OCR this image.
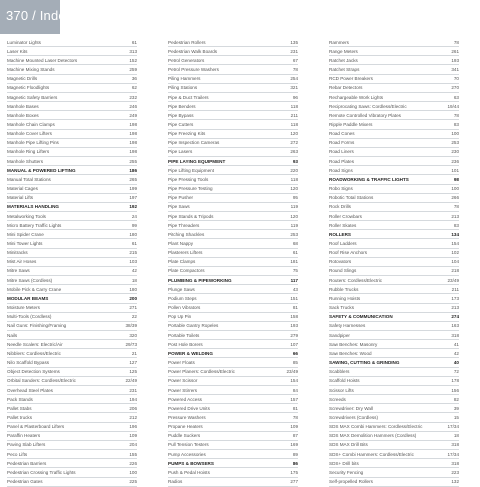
370 / Index
Luminator Lights	61
Laser Kits	313
Machine Mounted Laser Detectors	152
Machine Mixing Stands	259
Magnetic Drills	36
Magnetic Floodlights	62
Magnetic Safety Barriers	232
Manhole Bases	246
Manhole Boxes	249
Manhole Chain Clamps	198
Manhole Cover Lifters	198
Manhole Pipe Lifting Pins	198
Manhole Ring Lifters	198
Manhole Shutters	255
MANUAL & POWERED LIFTING	186
Manual Total Stations	265
Material Cages	199
Material Lifts	197
MATERIALS HANDLING	192
Metalworking Tools	24
Micro Battery Traffic Lights	99
Mini Spider Crane	180
Mini Tower Lights	61
Minitracks	215
Mist Air Hoses	103
Mitre Saws	42
Mitre Saws (Cordless)	18
Mobile Pick & Carry Crane	180
MODULAR BEAMS	200
Moisture Meters	271
Multi-Tools (Cordless)	22
Nail Guns: Finishing/Framing	38/39
Nails	320
Needle Scalers: Electric/Air	29/73
Nibblers: Cordless/Electric	21
Nilo Scaffold Bypass	127
Object Detection Systems	125
Orbital Sanders: Cordless/Electric	22/49
Overhead Steel Plates	231
Pack Stands	194
Pallet Stabs	206
Pallet trucks	212
Panel & Plasterboard Lifters	196
Paraffin Heaters	109
Paving Slab Lifters	204
Peco Lifts	155
Pedestrian Barriers	226
Pedestrian Crossing Traffic Lights	100
Pedestrian Gates	225
Pedestrian Rollers	135
Pedestrian Walk Boards	231
Petrol Generators	67
Petrol Pressure Washers	78
Piling Hammers	254
Piling Stations	321
Pipe & Duct Trailers	96
Pipe Benders	118
Pipe Bypass	211
Pipe Cutters	118
Pipe Freezing Kits	120
Pipe Inspection Cameras	272
Pipe Lasers	263
PIPE LAYING EQUIPMENT	93
Pipe Lifting Equipment	220
Pipe Pressing Tools	118
Pipe Pressure Testing	120
Pipe Pusher	95
Pipe Saws	119
Pipe Stands & Tripods	120
Pipe Threaders	119
Pitching Shackles	253
Plant Nappy	68
Plasterers Lifters	61
Plate Clamps	181
Plate Compactors	75
PLUMBING & PIPEWORKING	117
Plunge Saws	43
Podium Steps	151
Pollen Vibrators	81
Pop Up Pin	158
Portable Gantry Ropeles	193
Portable Toilets	279
Post Hole Borers	107
POWER & WELDING	66
Power Floats	85
Power Planers: Cordless/Electric	23/49
Power Scissor	154
Power Stirrers	84
Powered Access	157
Powered Drive Units	81
Pressure Washers	78
Propane Heaters	109
Puddle Suckers	87
Pull Tension Testers	169
Pump Accessories	89
PUMPS & BOWSERS	86
Push & Pedal Hoists	175
Radios	277
Rammers	78
Range Meters	261
Ratchet Jacks	193
Ratchet Straps	341
RCD Power Breakers	70
Rebar Detectors	270
Rechargeable Work Lights	63
Reciprocating Saws: Cordless/Electric	19/44
Remote Controlled Vibratory Plates	78
Ripple Paddle Mixers	83
Road Cones	100
Road Forms	253
Road Liners	230
Road Plates	236
Road Signs	101
ROADWORKING & TRAFFIC LIGHTS	98
Robo Signs	100
Robotic Total Stations	266
Rock Drills	78
Roller Crowbars	213
Roller Skates	83
ROLLERS	134
Roof Ladders	154
Roof Rise Anchors	102
Rotovators	104
Round Slings	218
Routers: Cordless/Electric	23/49
Rubble Trucks	211
Running Hoists	173
Sack Trucks	213
SAFETY & COMMUNICATION	274
Safety Harnesses	163
Sandpiper	318
Saw Benches: Masonry	41
Saw Benches: Wood	42
SAWING, CUTTING & GRINDING	40
Scabblers	72
Scaffold Hoists	178
Scissor Lifts	156
Screeds	82
Screwdriver: Dry Wall	39
Screwdrivers (Cordless)	15
SDS MAX Combi Hammers: Cordless/Electric	17/34
SDS MAX Demolition Hammers (Cordless)	18
SDS MAX Drill Bits	318
SDS+ Combi Hammers: Cordless/Electric	17/34
SDS+ Drill bits	318
Security Fencing	223
Self-propelled Rollers	132
